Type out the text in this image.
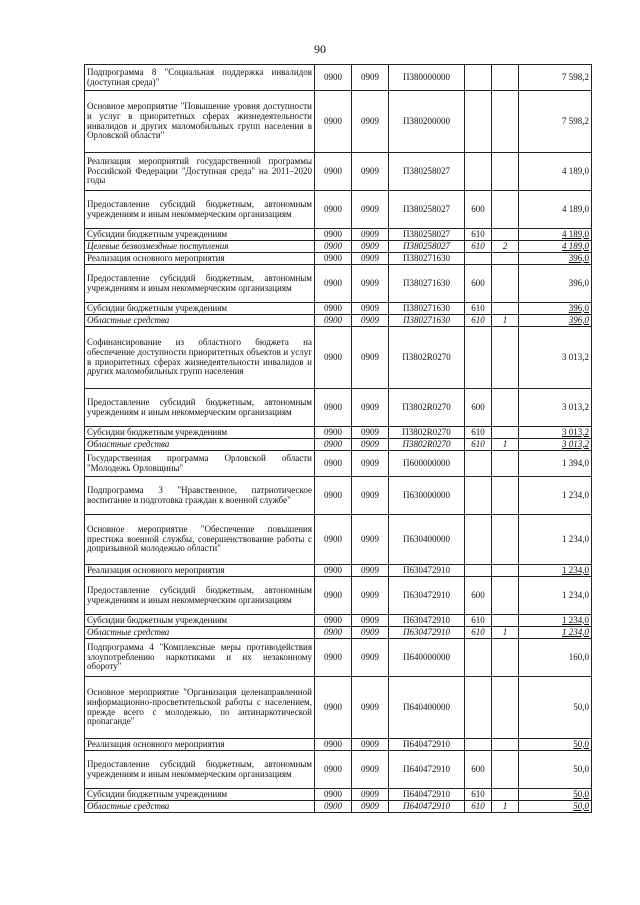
90
Подпрограмма 8 "Социальная поддержка инвалидов (доступная среда)"	0900	0909	П380000000			7 598,2
Основное мероприятие "Повышение уровня доступности и услуг в приоритетных сферах жизнедеятельности инвалидов и других маломобильных групп населения в Орловской области"	0900	0909	П380200000			7 598,2
Реализация мероприятий государственной программы Российской Федерации "Доступная среда" на 2011–2020 годы	0900	0909	П380258027			4 189,0
Предоставление субсидий бюджетным, автономным учреждениям и иным некоммерческим организациям	0900	0909	П380258027	600		4 189,0
Субсидии бюджетным учреждениям	0900	0909	П380258027	610		4 189,0
Целевые безвозмездные поступления	0900	0909	П380258027	610	2	4 189,0
Реализация основного мероприятия	0900	0909	П380271630			396,0
Предоставление субсидий бюджетным, автономным учреждениям и иным некоммерческим организациям	0900	0909	П380271630	600		396,0
Субсидии бюджетным учреждениям	0900	0909	П380271630	610		396,0
Областные средства	0900	0909	П380271630	610	1	396,0
Софинансирование из областного бюджета на обеспечение доступности приоритетных объектов и услуг в приоритетных сферах жизнедеятельности инвалидов и других маломобильных групп населения	0900	0909	П3802R0270			3 013,2
Предоставление субсидий бюджетным, автономным учреждениям и иным некоммерческим организациям	0900	0909	П3802R0270	600		3 013,2
Субсидии бюджетным учреждениям	0900	0909	П3802R0270	610		3 013,2
Областные средства	0900	0909	П3802R0270	610	1	3 013,2
Государственная программа Орловской области "Молодежь Орловщины"	0900	0909	П600000000			1 394,0
Подпрограмма 3 "Нравственное, патриотическое воспитание и подготовка граждан к военной службе"	0900	0909	П630000000			1 234,0
Основное мероприятие "Обеспечение повышения престижа военной службы, совершенствование работы с допризывной молодежью области"	0900	0909	П630400000			1 234,0
Реализация основного мероприятия	0900	0909	П630472910			1 234,0
Предоставление субсидий бюджетным, автономным учреждениям и иным некоммерческим организациям	0900	0909	П630472910	600		1 234,0
Субсидии бюджетным учреждениям	0900	0909	П630472910	610		1 234,0
Областные средства	0900	0909	П630472910	610	1	1 234,0
Подпрограмма 4 "Комплексные меры противодействия злоупотреблению наркотиками и их незаконному обороту"	0900	0909	П640000000			160,0
Основное мероприятие "Организация целенаправленной информационно-просветительской работы с населением, прежде всего с молодежью, по антинаркотической пропаганде"	0900	0909	П640400000			50,0
Реализация основного мероприятия	0900	0909	П640472910			50,0
Предоставление субсидий бюджетным, автономным учреждениям и иным некоммерческим организациям	0900	0909	П640472910	600		50,0
Субсидии бюджетным учреждениям	0900	0909	П640472910	610		50,0
Областные средства	0900	0909	П640472910	610	1	50,0
